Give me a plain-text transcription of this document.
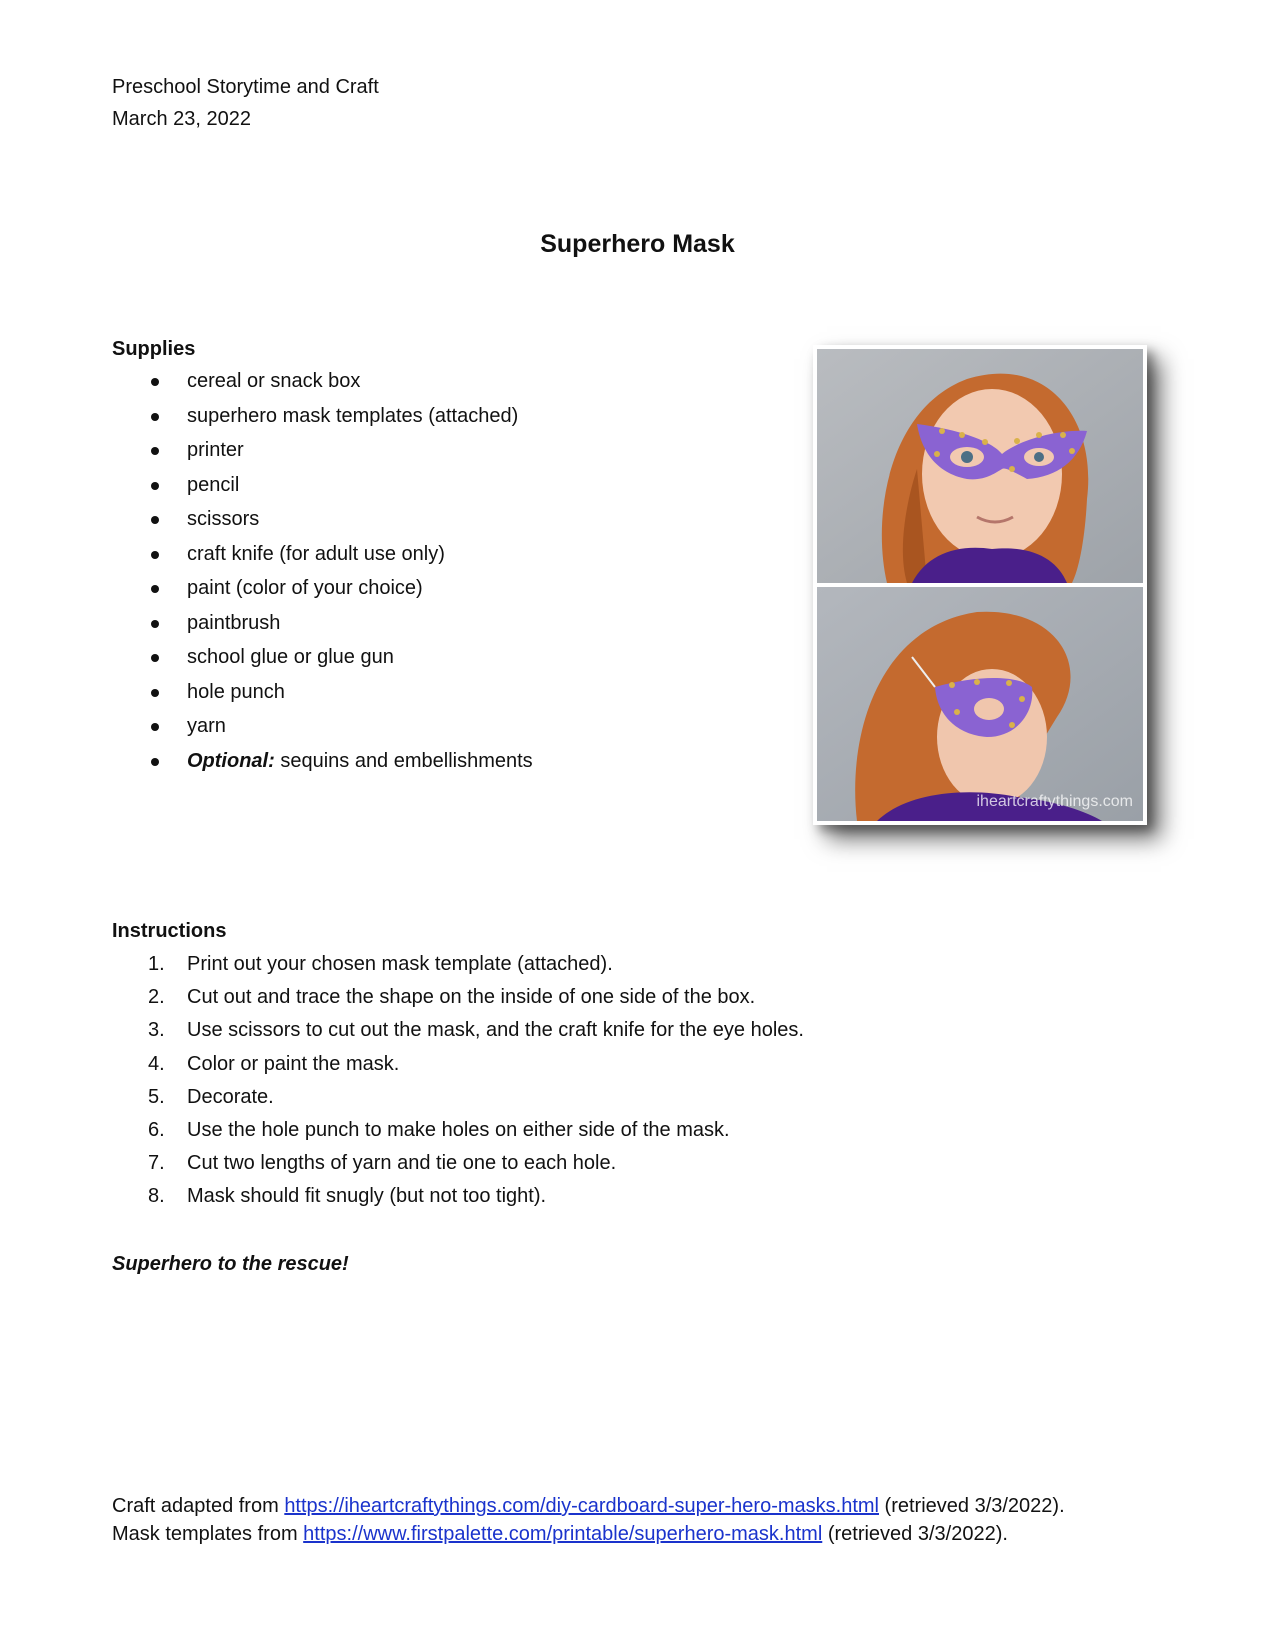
Preschool Storytime and Craft
March 23, 2022
Superhero Mask
Supplies
cereal or snack box
superhero mask templates (attached)
printer
pencil
scissors
craft knife (for adult use only)
paint (color of your choice)
paintbrush
school glue or glue gun
hole punch
yarn
Optional: sequins and embellishments
iheartcraftythings.com
Instructions
1. Print out your chosen mask template (attached).
2. Cut out and trace the shape on the inside of one side of the box.
3. Use scissors to cut out the mask, and the craft knife for the eye holes.
4. Color or paint the mask.
5. Decorate.
6. Use the hole punch to make holes on either side of the mask.
7. Cut two lengths of yarn and tie one to each hole.
8. Mask should fit snugly (but not too tight).
Superhero to the rescue!
Craft adapted from https://iheartcraftythings.com/diy-cardboard-super-hero-masks.html (retrieved 3/3/2022).
Mask templates from https://www.firstpalette.com/printable/superhero-mask.html (retrieved 3/3/2022).
